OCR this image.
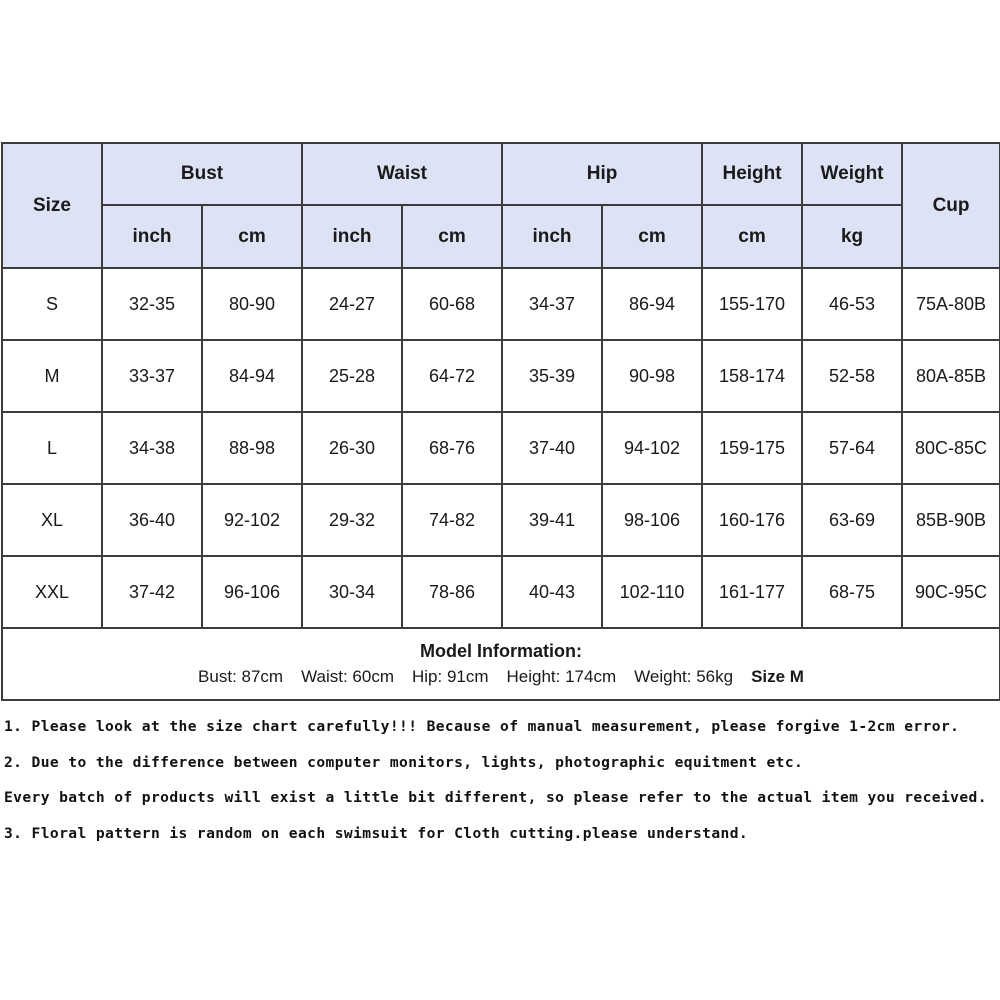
Size	Bust		Waist		Hip		Height	Weight	Cup
	inch	cm	inch	cm	inch	cm	cm	kg	
S	32-35	80-90	24-27	60-68	34-37	86-94	155-170	46-53	75A-80B
M	33-37	84-94	25-28	64-72	35-39	90-98	158-174	52-58	80A-85B
L	34-38	88-98	26-30	68-76	37-40	94-102	159-175	57-64	80C-85C
XL	36-40	92-102	29-32	74-82	39-41	98-106	160-176	63-69	85B-90B
XXL	37-42	96-106	30-34	78-86	40-43	102-110	161-177	68-75	90C-95C

Model Information:
Bust: 87cm Waist: 60cm Hip: 91cm Height: 174cm Weight: 56kg Size M									

1. Please look at the size chart carefully!!! Because of manual measurement, please forgive 1-2cm error.

2. Due to the difference between computer monitors, lights, photographic equitment etc.

Every batch of products will exist a little bit different, so please refer to the actual item you received.

3. Floral pattern is random on each swimsuit for Cloth cutting.please understand.
